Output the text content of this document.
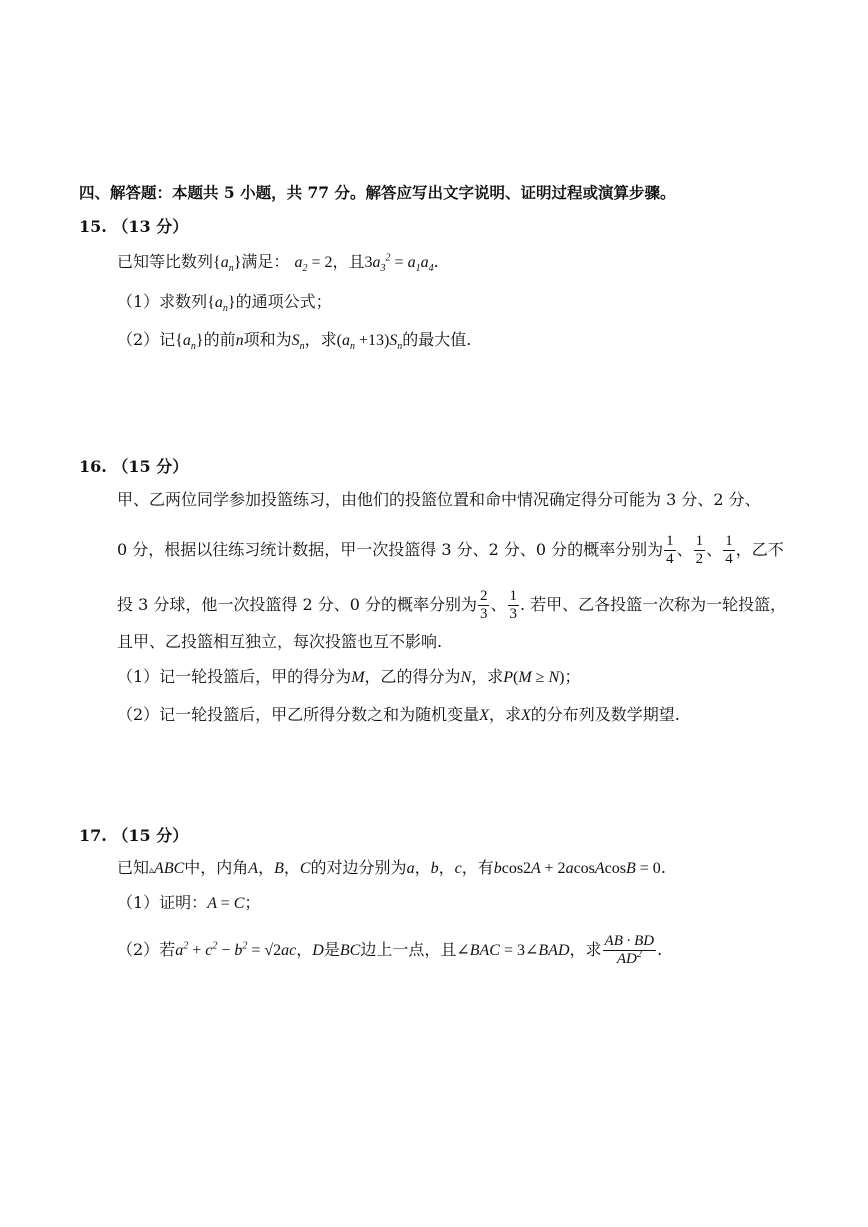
四、解答题：本题共 5 小题，共 77 分。解答应写出文字说明、证明过程或演算步骤。
15. （13 分）
已知等比数列$\{a_n\}$满足： $a_2 = 2$，且$3a_3^2 = a_1a_4$.
（1）求数列$\{a_n\}$的通项公式；
（2）记$\{a_n\}$的前n项和为$S_n$，求$(a_n +13)S_n$的最大值.
16. （15 分）
甲、乙两位同学参加投篮练习，由他们的投篮位置和命中情况确定得分可能为 3 分、2 分、
0 分，根据以往练习统计数据，甲一次投篮得 3 分、2 分、0 分的概率分别为 $\frac{1}{4}$ 、 $\frac{1}{2}$ 、 $\frac{1}{4}$ ，乙不
投 3 分球，他一次投篮得 2 分、0 分的概率分别为 $\frac{2}{3}$ 、 $\frac{1}{3}$ . 若甲、乙各投篮一次称为一轮投篮，
且甲、乙投篮相互独立，每次投篮也互不影响.
（1）记一轮投篮后，甲的得分为M，乙的得分为N，求P(M ≥ N)；
（2）记一轮投篮后，甲乙所得分数之和为随机变量X，求X的分布列及数学期望.
17. （15 分）
已知▵ABC中，内角A，B，C的对边分别为a，b，c，有bcos2A + 2acosAcosB = 0.
（1）证明：A = C；
（2）若$a^2 + c^2 - b^2 = √2ac$，D是BC边上一点，且∠BAC = 3∠BAD，求 $\frac{AB \cdot BD}{AD^2}$ .
